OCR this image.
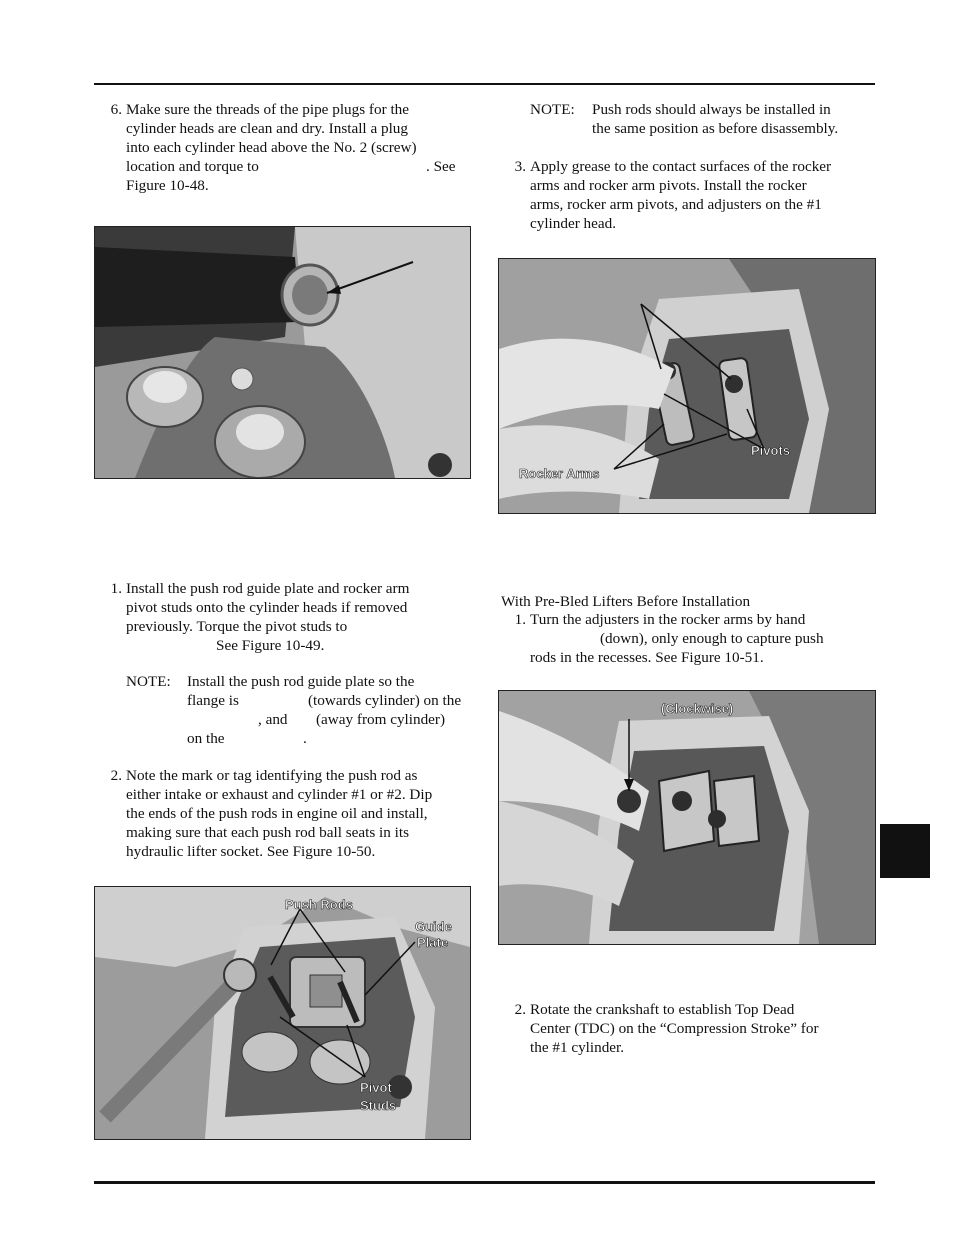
6. Make sure the threads of the pipe plugs for the
cylinder heads are clean and dry. Install a plug
into each cylinder head above the No. 2 (screw)
location and torque to	. See
Figure 10-48.
1. Install the push rod guide plate and rocker arm
pivot studs onto the cylinder heads if removed
previously. Torque the pivot studs to
See Figure 10-49.
NOTE: Install the push rod guide plate so the
flange is	(towards cylinder) on the
, and (away from cylinder)
on the	.
2. Note the mark or tag identifying the push rod as
either intake or exhaust and cylinder #1 or #2. Dip
the ends of the push rods in engine oil and install,
making sure that each push rod ball seats in its
hydraulic lifter socket. See Figure 10-50.
Push Rods
Guide
Plate
Pivot
Studs
NOTE: Push rods should always be installed in
the same position as before disassembly.
3. Apply grease to the contact surfaces of the rocker
arms and rocker arm pivots. Install the rocker
arms, rocker arm pivots, and adjusters on the #1
cylinder head.
Rocker Arms
Pivots
With Pre-Bled Lifters Before Installation
1. Turn the adjusters in the rocker arms by hand
(down), only enough to capture push
rods in the recesses. See Figure 10-51.
(Clockwise)
2. Rotate the crankshaft to establish Top Dead
Center (TDC) on the “Compression Stroke” for
the #1 cylinder.
